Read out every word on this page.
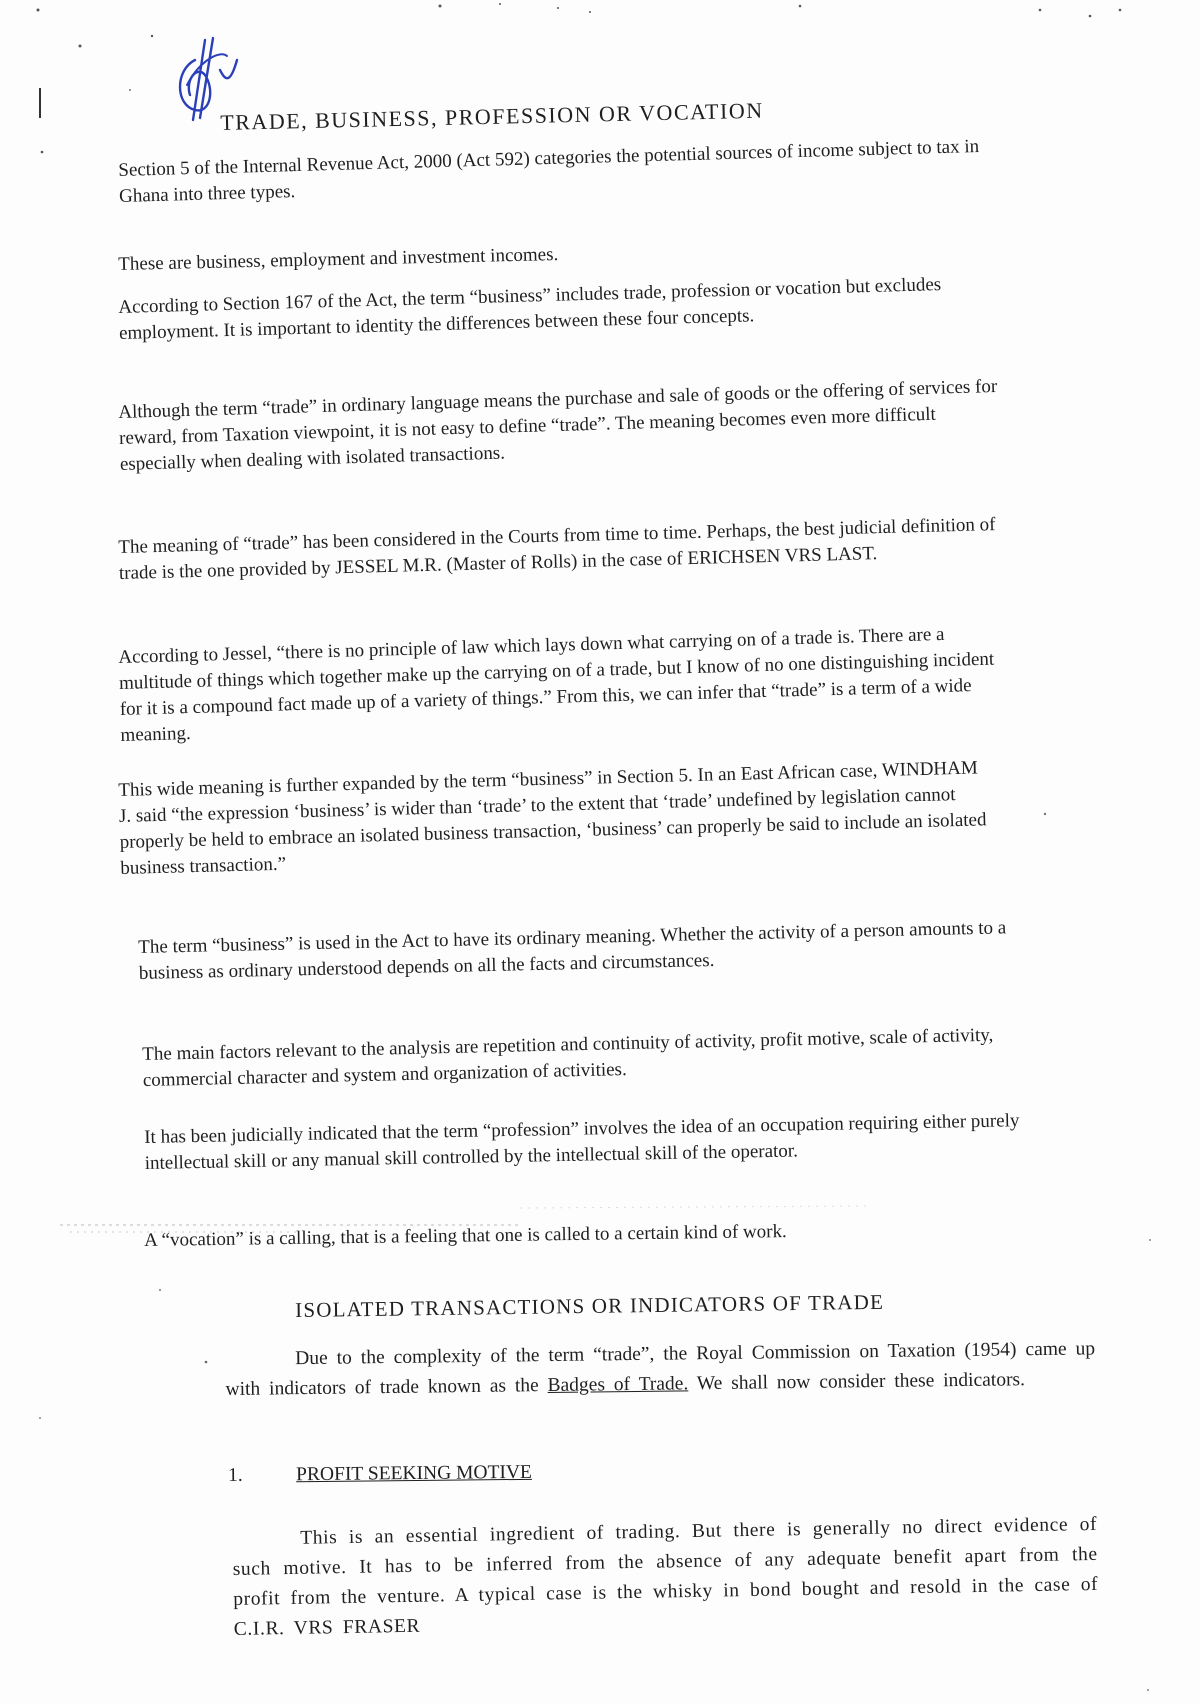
TRADE, BUSINESS, PROFESSION OR VOCATION

Section 5 of the Internal Revenue Act, 2000 (Act 592) categories the potential sources of income subject to tax in Ghana into three types.

These are business, employment and investment incomes.

According to Section 167 of the Act, the term “business” includes trade, profession or vocation but excludes employment. It is important to identity the differences between these four concepts.

Although the term “trade” in ordinary language means the purchase and sale of goods or the offering of services for reward, from Taxation viewpoint, it is not easy to define “trade”. The meaning becomes even more difficult especially when dealing with isolated transactions.

The meaning of “trade” has been considered in the Courts from time to time. Perhaps, the best judicial definition of trade is the one provided by JESSEL M.R. (Master of Rolls) in the case of ERICHSEN VRS LAST.

According to Jessel, “there is no principle of law which lays down what carrying on of a trade is. There are a multitude of things which together make up the carrying on of a trade, but I know of no one distinguishing incident for it is a compound fact made up of a variety of things.” From this, we can infer that “trade” is a term of a wide meaning.

This wide meaning is further expanded by the term “business” in Section 5. In an East African case, WINDHAM J. said “the expression ‘business’ is wider than ‘trade’ to the extent that ‘trade’ undefined by legislation cannot properly be held to embrace an isolated business transaction, ‘business’ can properly be said to include an isolated business transaction.”

The term “business” is used in the Act to have its ordinary meaning. Whether the activity of a person amounts to a business as ordinary understood depends on all the facts and circumstances.

The main factors relevant to the analysis are repetition and continuity of activity, profit motive, scale of activity, commercial character and system and organization of activities.

It has been judicially indicated that the term “profession” involves the idea of an occupation requiring either purely intellectual skill or any manual skill controlled by the intellectual skill of the operator.

A “vocation” is a calling, that is a feeling that one is called to a certain kind of work.

ISOLATED TRANSACTIONS OR INDICATORS OF TRADE

Due to the complexity of the term “trade”, the Royal Commission on Taxation (1954) came up with indicators of trade known as the Badges of Trade. We shall now consider these indicators.

1.	PROFIT SEEKING MOTIVE

This is an essential ingredient of trading. But there is generally no direct evidence of such motive. It has to be inferred from the absence of any adequate benefit apart from the profit from the venture. A typical case is the whisky in bond bought and resold in the case of C.I.R. VRS FRASER
